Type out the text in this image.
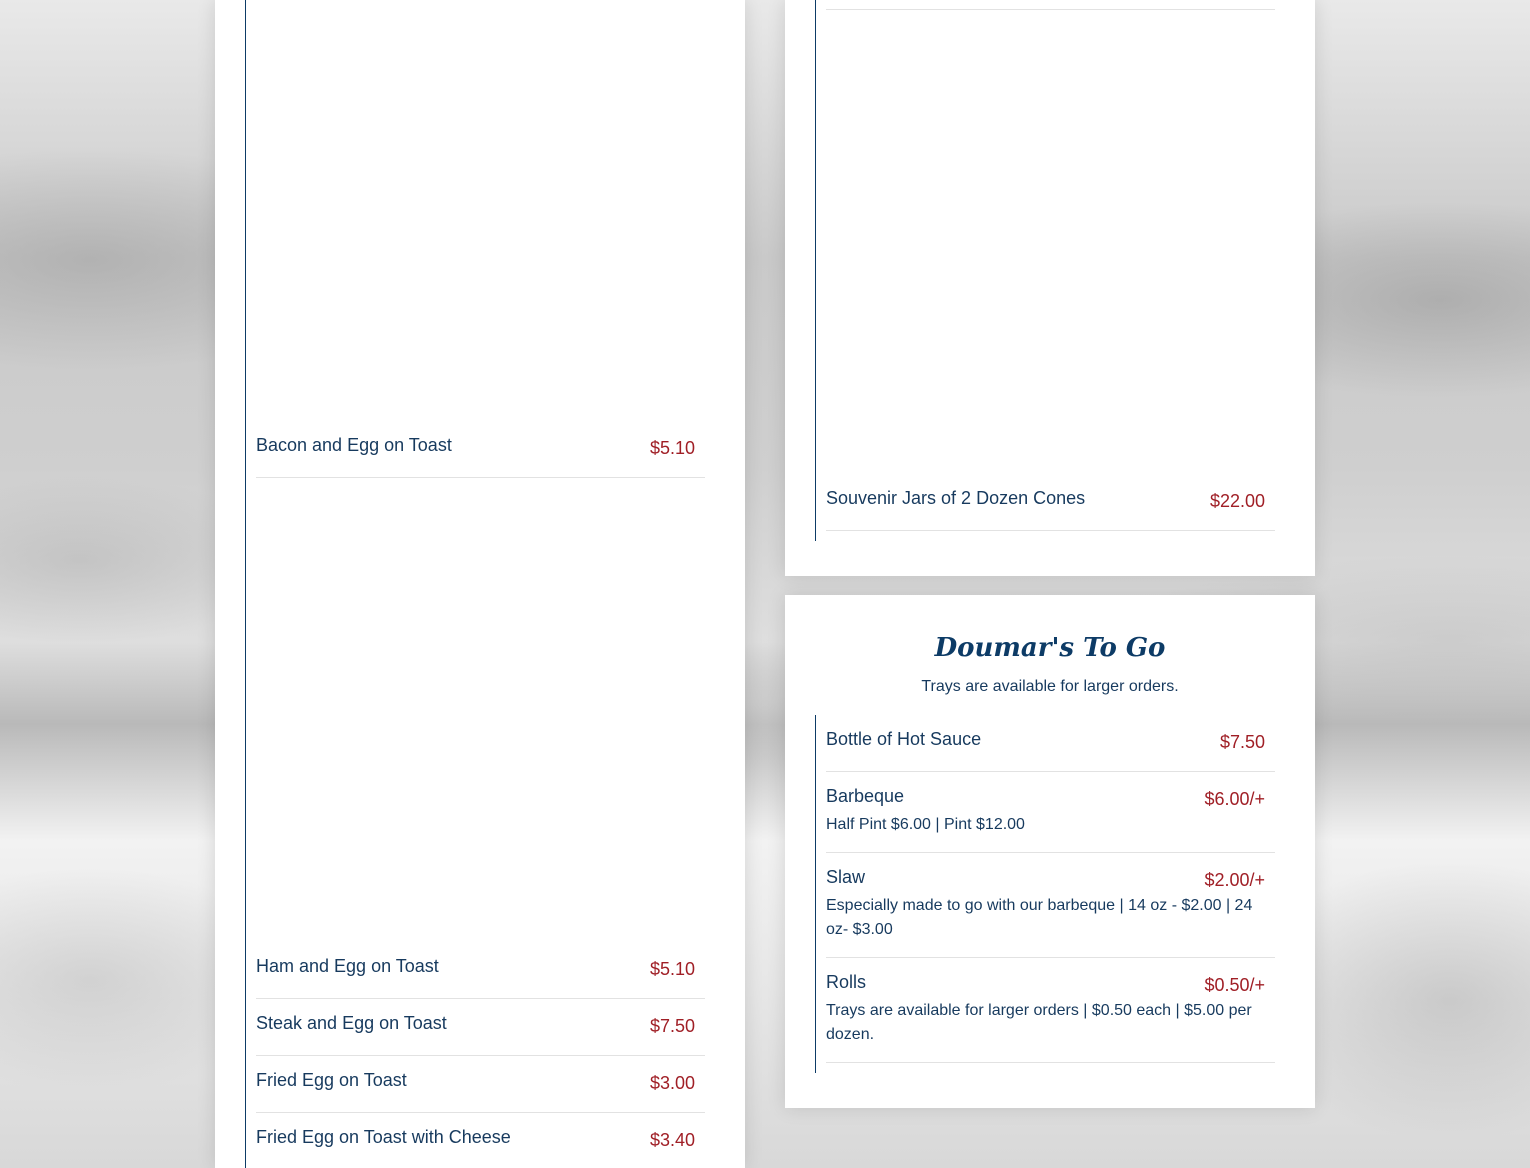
Bacon and Egg on Toast	$5.10
Ham and Egg on Toast	$5.10
Steak and Egg on Toast	$7.50
Fried Egg on Toast	$3.00
Fried Egg on Toast with Cheese	$3.40
Souvenir Jars of 2 Dozen Cones	$22.00
Doumar's To Go
Trays are available for larger orders.
Bottle of Hot Sauce	$7.50
Barbeque	$6.00/+
Half Pint $6.00 | Pint $12.00
Slaw	$2.00/+
Especially made to go with our barbeque | 14 oz - $2.00 | 24 oz- $3.00
Rolls	$0.50/+
Trays are available for larger orders | $0.50 each | $5.00 per dozen.
